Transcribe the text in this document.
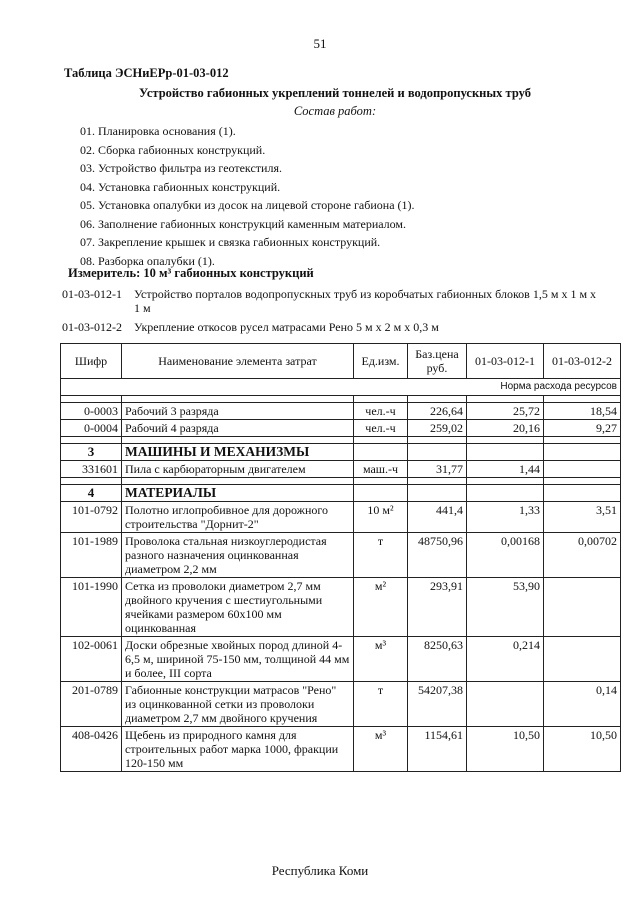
51
Таблица ЭСНиЕРр-01-03-012
Устройство габионных укреплений тоннелей и водопропускных труб
Состав работ:
01. Планировка основания (1).
02. Сборка габионных конструкций.
03. Устройство фильтра из геотекстиля.
04. Установка габионных конструкций.
05. Установка опалубки из досок на лицевой стороне габиона (1).
06. Заполнение габионных конструкций каменным материалом.
07. Закрепление крышек и связка габионных конструкций.
08. Разборка опалубки (1).
Измеритель: 10 м³ габионных конструкций
01-03-012-1	Устройство порталов водопропускных труб из коробчатых габионных блоков 1,5 м х 1 м х 1 м
01-03-012-2	Укрепление откосов русел матрасами Рено 5 м х 2 м х 0,3 м
Шифр	Наименование элемента затрат	Ед.изм.	Баз.цена руб.	01-03-012-1	01-03-012-2
Норма расхода ресурсов					

0-0003	Рабочий 3 разряда	чел.-ч	226,64	25,72	18,54
0-0004	Рабочий 4 разряда	чел.-ч	259,02	20,16	9,27

3	МАШИНЫ И МЕХАНИЗМЫ				
331601	Пила с карбюраторным двигателем	маш.-ч	31,77	1,44	

4	МАТЕРИАЛЫ				
101-0792	Полотно иглопробивное для дорожного строительства "Дорнит-2"	10 м²	441,4	1,33	3,51
101-1989	Проволока стальная низкоуглеродистая разного назначения оцинкованная диаметром 2,2 мм	т	48750,96	0,00168	0,00702
101-1990	Сетка из проволоки диаметром 2,7 мм двойного кручения с шестиугольными ячейками размером 60х100 мм оцинкованная	м²	293,91	53,90	
102-0061	Доски обрезные хвойных пород длиной 4-6,5 м, шириной 75-150 мм, толщиной 44 мм и более, III сорта	м³	8250,63	0,214	
201-0789	Габионные конструкции матрасов "Рено" из оцинкованной сетки из проволоки диаметром 2,7 мм двойного кручения	т	54207,38		0,14
408-0426	Щебень из природного камня для строительных работ марка 1000, фракции 120-150 мм	м³	1154,61	10,50	10,50
Республика Коми
